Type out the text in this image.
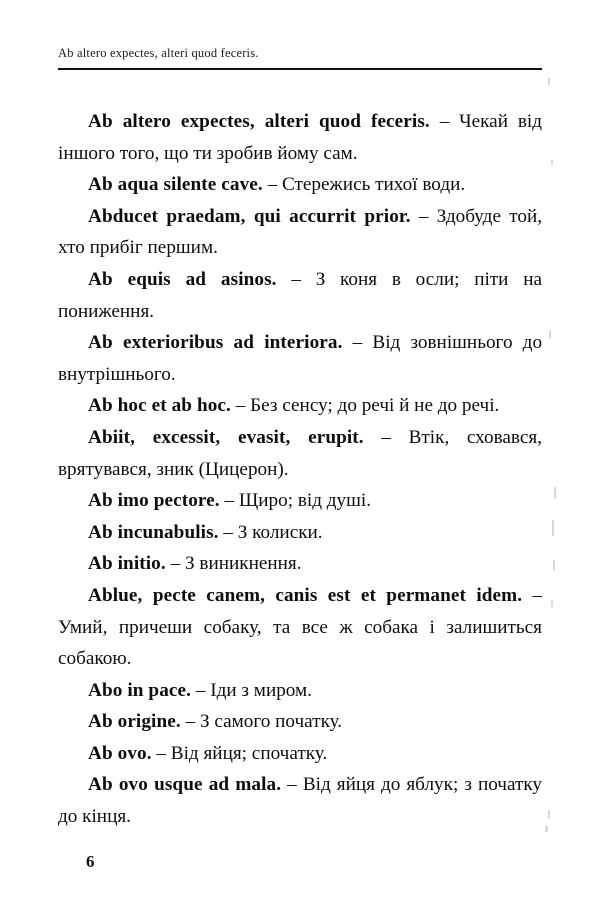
Ab altero expectes, alteri quod feceris.

Ab altero expectes, alteri quod feceris. – Чекай від іншого того, що ти зробив йому сам.

Ab aqua silente cave. – Стережись тихої води.

Abducet praedam, qui accurrit prior. – Здобуде той, хто прибіг першим.

Ab equis ad asinos. – З коня в осли; піти на пониження.

Ab exterioribus ad interiora. – Від зовнішнього до внутрішнього.

Ab hoc et ab hoc. – Без сенсу; до речі й не до речі.

Abiit, excessit, evasit, erupit. – Втік, сховався, врятувався, зник (Цицерон).

Ab imo pectore. – Щиро; від душі.

Ab incunabulis. – З колиски.

Ab initio. – З виникнення.

Ablue, pecte canem, canis est et permanet idem. – Умий, причеши собаку, та все ж собака і залишиться собакою.

Abo in pace. – Іди з миром.

Ab origine. – З самого початку.

Ab ovo. – Від яйця; спочатку.

Ab ovo usque ad mala. – Від яйця до яблук; з початку до кінця.

6
